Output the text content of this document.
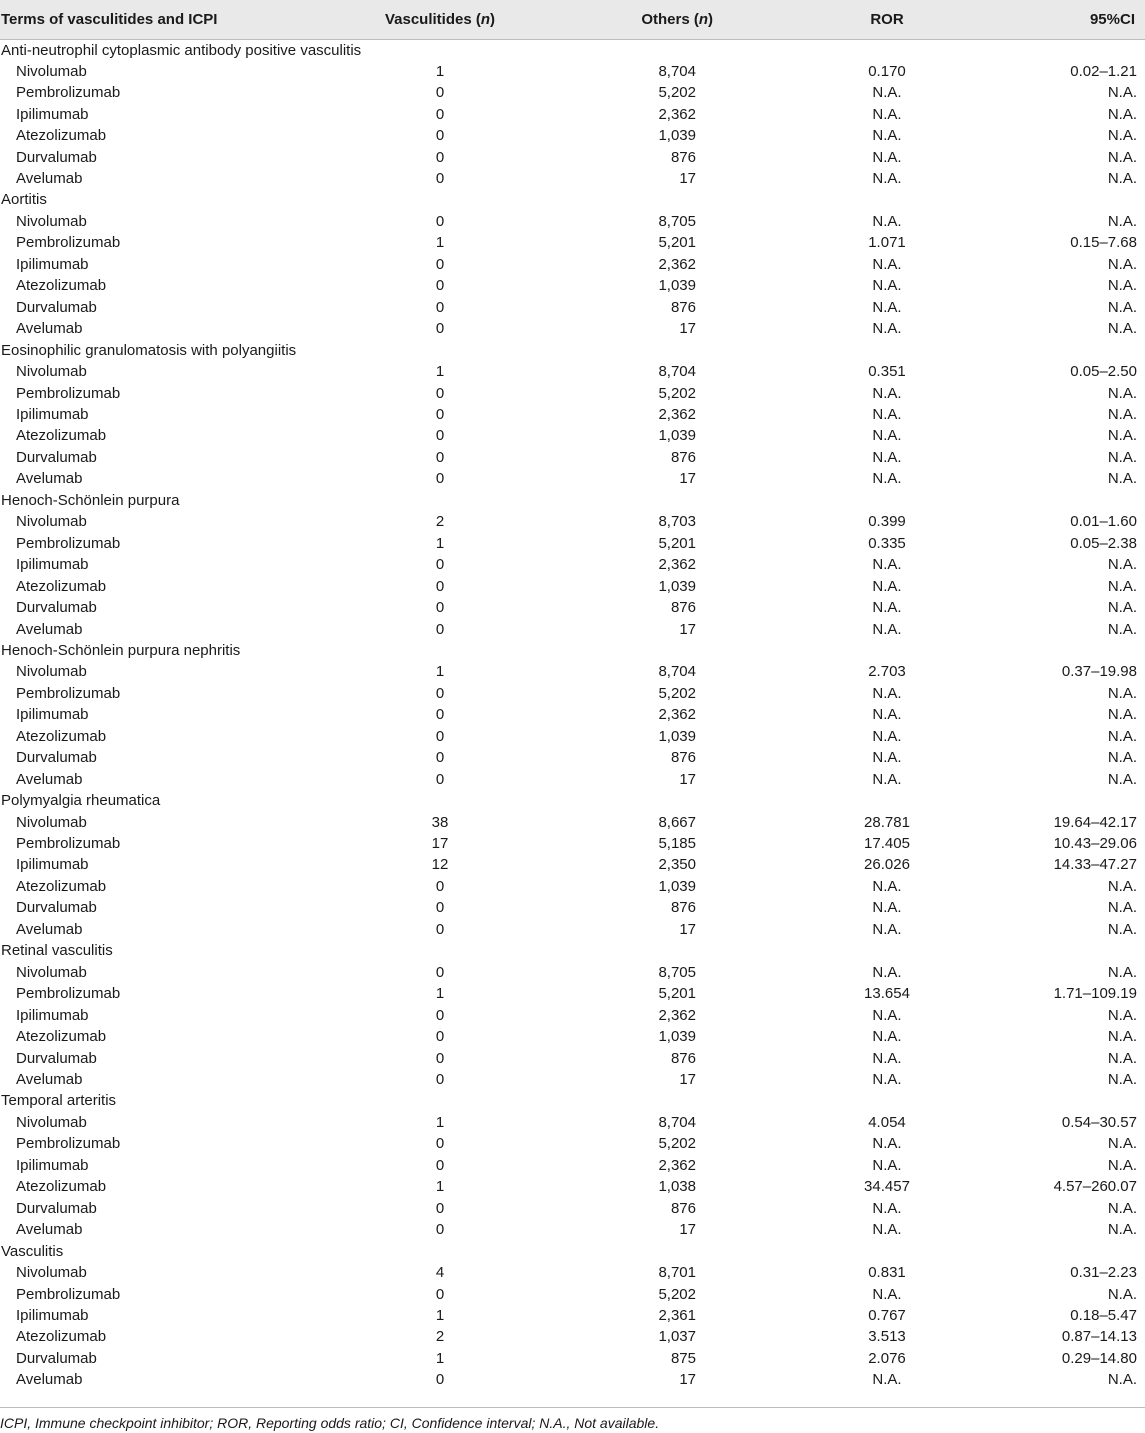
Terms of vasculitides and ICPI	Vasculitides (n)	Others (n)	ROR	95%CI
Anti-neutrophil cytoplasmic antibody positive vasculitis				
Nivolumab	1	8,704	0.170	0.02–1.21
Pembrolizumab	0	5,202	N.A.	N.A.
Ipilimumab	0	2,362	N.A.	N.A.
Atezolizumab	0	1,039	N.A.	N.A.
Durvalumab	0	876	N.A.	N.A.
Avelumab	0	17	N.A.	N.A.
Aortitis				
Nivolumab	0	8,705	N.A.	N.A.
Pembrolizumab	1	5,201	1.071	0.15–7.68
Ipilimumab	0	2,362	N.A.	N.A.
Atezolizumab	0	1,039	N.A.	N.A.
Durvalumab	0	876	N.A.	N.A.
Avelumab	0	17	N.A.	N.A.
Eosinophilic granulomatosis with polyangiitis				
Nivolumab	1	8,704	0.351	0.05–2.50
Pembrolizumab	0	5,202	N.A.	N.A.
Ipilimumab	0	2,362	N.A.	N.A.
Atezolizumab	0	1,039	N.A.	N.A.
Durvalumab	0	876	N.A.	N.A.
Avelumab	0	17	N.A.	N.A.
Henoch-Schönlein purpura				
Nivolumab	2	8,703	0.399	0.01–1.60
Pembrolizumab	1	5,201	0.335	0.05–2.38
Ipilimumab	0	2,362	N.A.	N.A.
Atezolizumab	0	1,039	N.A.	N.A.
Durvalumab	0	876	N.A.	N.A.
Avelumab	0	17	N.A.	N.A.
Henoch-Schönlein purpura nephritis				
Nivolumab	1	8,704	2.703	0.37–19.98
Pembrolizumab	0	5,202	N.A.	N.A.
Ipilimumab	0	2,362	N.A.	N.A.
Atezolizumab	0	1,039	N.A.	N.A.
Durvalumab	0	876	N.A.	N.A.
Avelumab	0	17	N.A.	N.A.
Polymyalgia rheumatica				
Nivolumab	38	8,667	28.781	19.64–42.17
Pembrolizumab	17	5,185	17.405	10.43–29.06
Ipilimumab	12	2,350	26.026	14.33–47.27
Atezolizumab	0	1,039	N.A.	N.A.
Durvalumab	0	876	N.A.	N.A.
Avelumab	0	17	N.A.	N.A.
Retinal vasculitis				
Nivolumab	0	8,705	N.A.	N.A.
Pembrolizumab	1	5,201	13.654	1.71–109.19
Ipilimumab	0	2,362	N.A.	N.A.
Atezolizumab	0	1,039	N.A.	N.A.
Durvalumab	0	876	N.A.	N.A.
Avelumab	0	17	N.A.	N.A.
Temporal arteritis				
Nivolumab	1	8,704	4.054	0.54–30.57
Pembrolizumab	0	5,202	N.A.	N.A.
Ipilimumab	0	2,362	N.A.	N.A.
Atezolizumab	1	1,038	34.457	4.57–260.07
Durvalumab	0	876	N.A.	N.A.
Avelumab	0	17	N.A.	N.A.
Vasculitis				
Nivolumab	4	8,701	0.831	0.31–2.23
Pembrolizumab	0	5,202	N.A.	N.A.
Ipilimumab	1	2,361	0.767	0.18–5.47
Atezolizumab	2	1,037	3.513	0.87–14.13
Durvalumab	1	875	2.076	0.29–14.80
Avelumab	0	17	N.A.	N.A.
ICPI, Immune checkpoint inhibitor; ROR, Reporting odds ratio; CI, Confidence interval; N.A., Not available.
